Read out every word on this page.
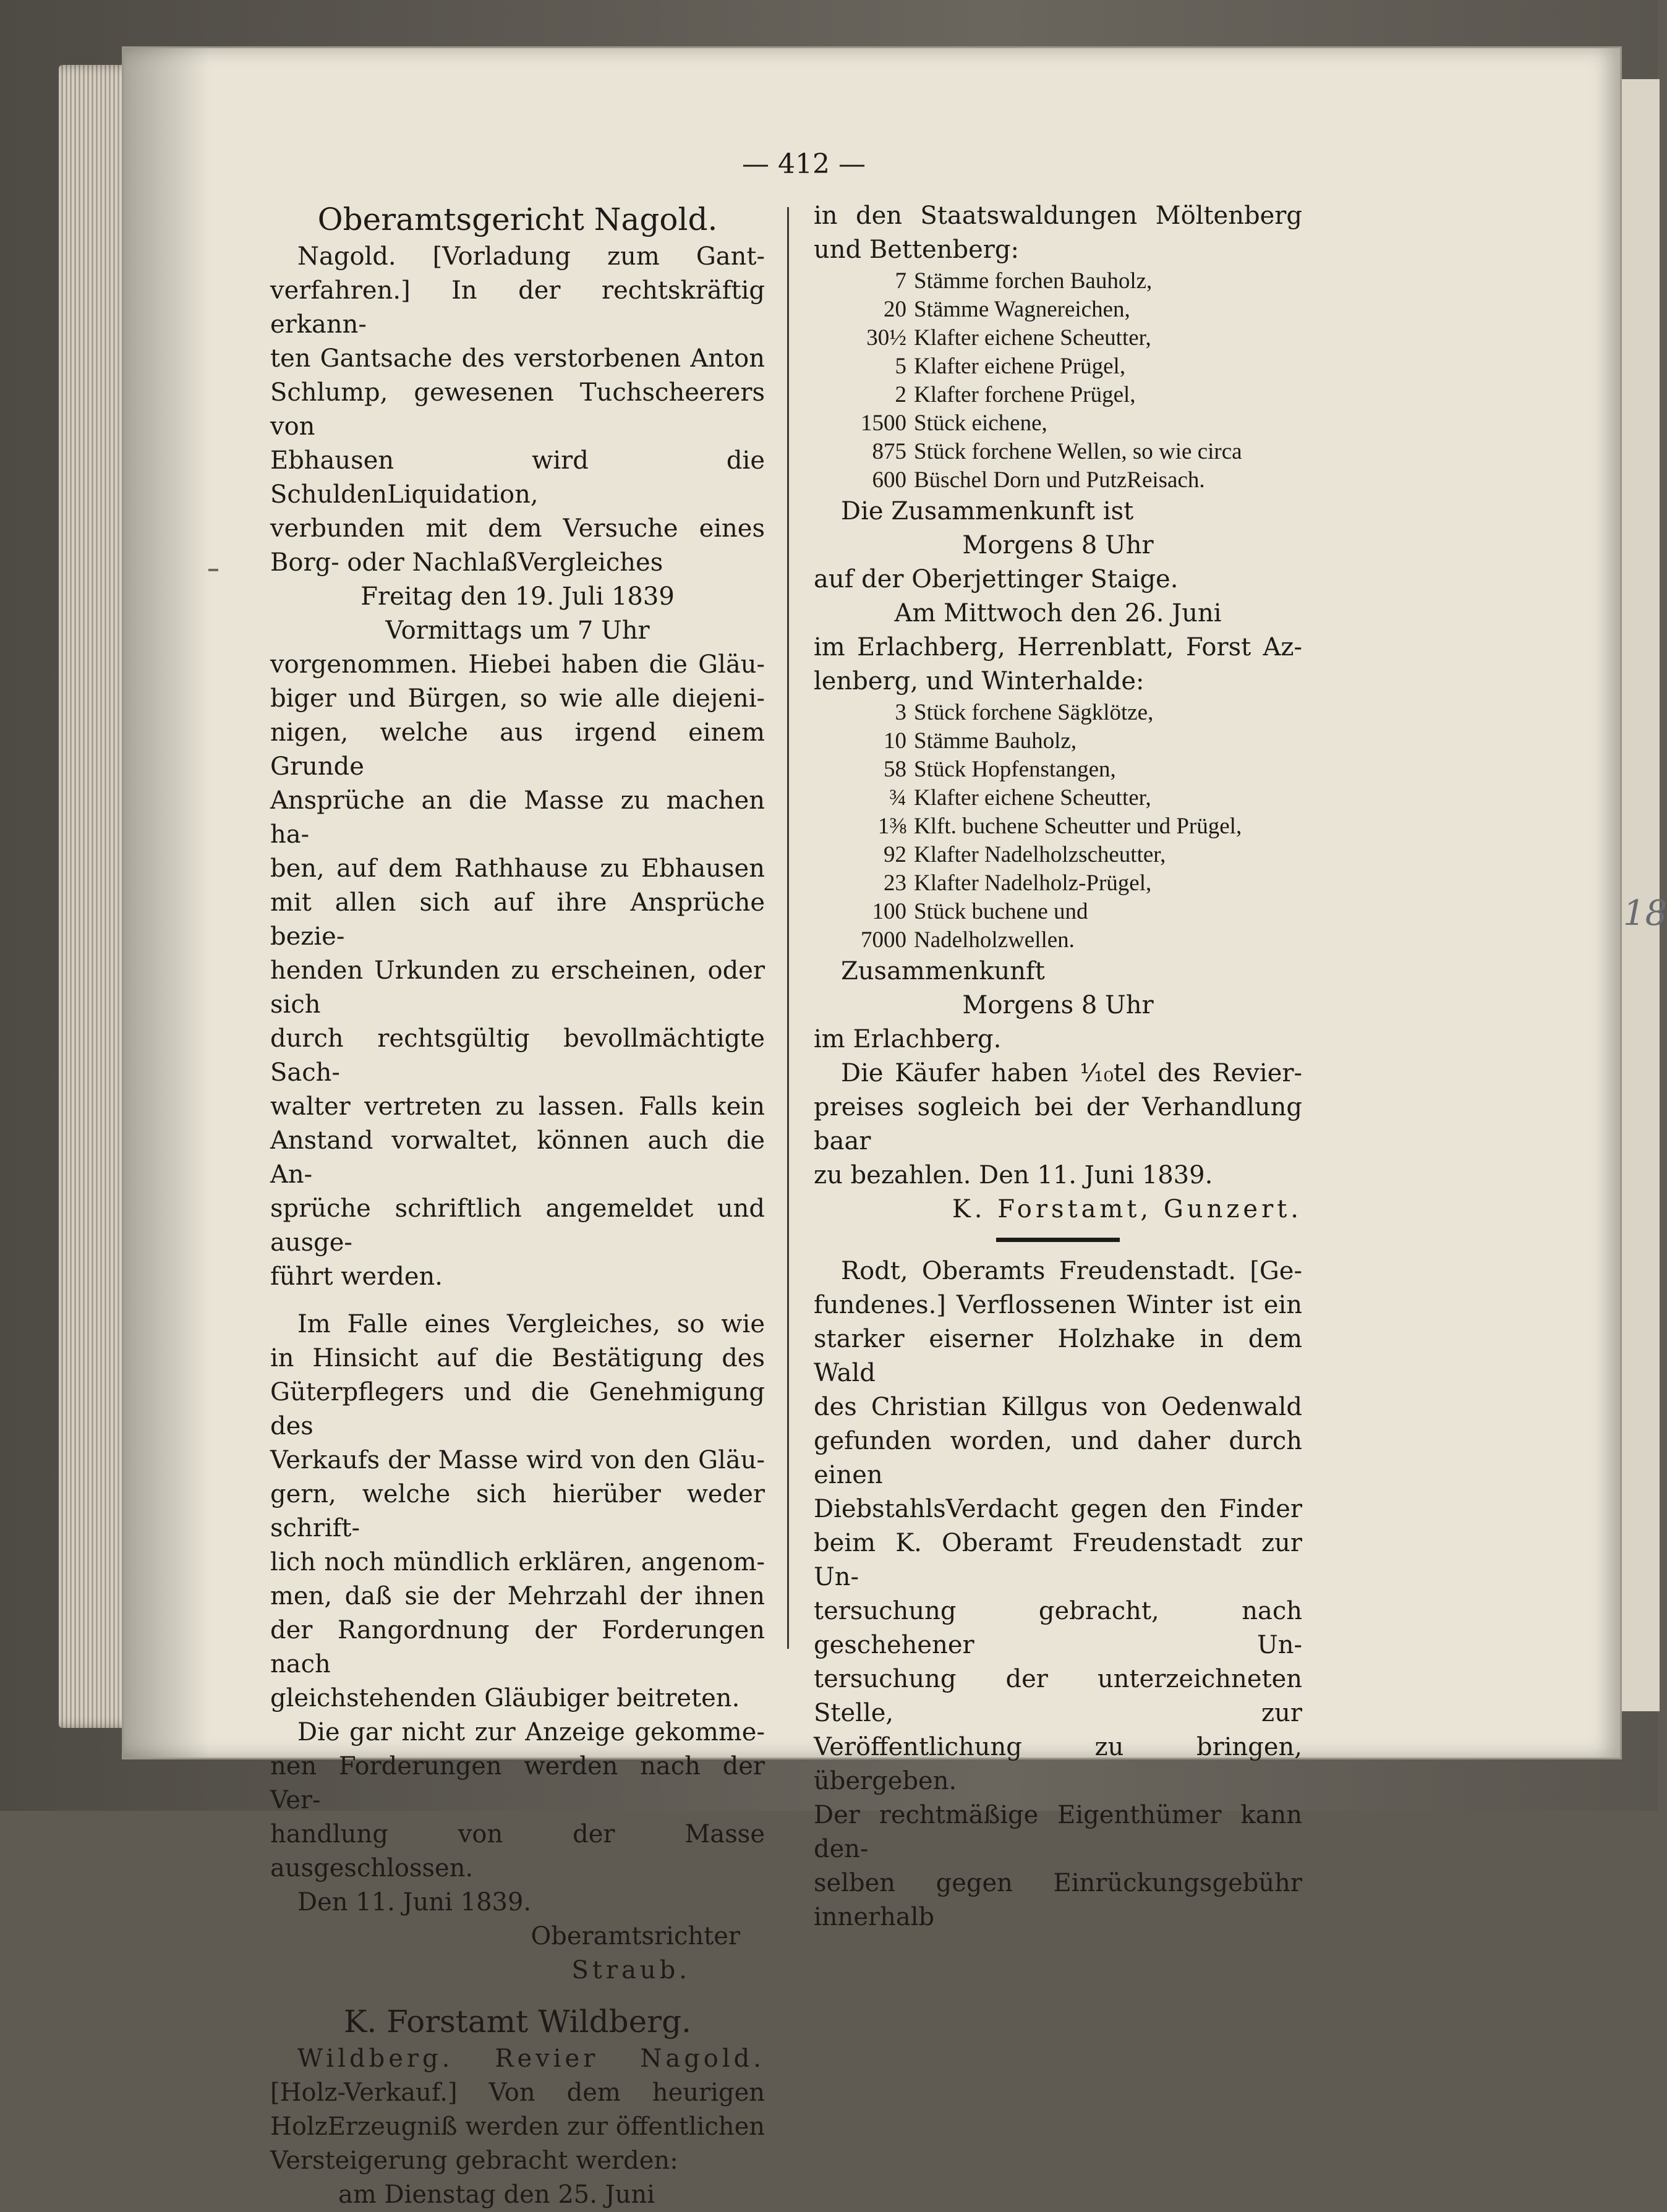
18
— 412 —

Oberamtsgericht Nagold.

Nagold. [Vorladung zum Gant-

verfahren.] In der rechtskräftig erkann-

ten Gantsache des verstorbenen Anton

Schlump, gewesenen Tuchscheerers von

Ebhausen wird die SchuldenLiquidation,

verbunden mit dem Versuche eines

Borg- oder NachlaßVergleiches

Freitag den 19. Juli 1839

Vormittags um 7 Uhr

vorgenommen. Hiebei haben die Gläu-

biger und Bürgen, so wie alle diejeni-

nigen, welche aus irgend einem Grunde

Ansprüche an die Masse zu machen ha-

ben, auf dem Rathhause zu Ebhausen

mit allen sich auf ihre Ansprüche bezie-

henden Urkunden zu erscheinen, oder sich

durch rechtsgültig bevollmächtigte Sach-

walter vertreten zu lassen. Falls kein

Anstand vorwaltet, können auch die An-

sprüche schriftlich angemeldet und ausge-

führt werden.

Im Falle eines Vergleiches, so wie

in Hinsicht auf die Bestätigung des

Güterpflegers und die Genehmigung des

Verkaufs der Masse wird von den Gläu-

gern, welche sich hierüber weder schrift-

lich noch mündlich erklären, angenom-

men, daß sie der Mehrzahl der ihnen

der Rangordnung der Forderungen nach

gleichstehenden Gläubiger beitreten.

Die gar nicht zur Anzeige gekomme-

nen Forderungen werden nach der Ver-

handlung von der Masse ausgeschlossen.

Den 11. Juni 1839.

Oberamtsrichter

Straub.

K. Forstamt Wildberg.

Wildberg. Revier Nagold.

[Holz-Verkauf.] Von dem heurigen

HolzErzeugniß werden zur öffentlichen

Versteigerung gebracht werden:

am Dienstag den 25. Juni

in den Staatswaldungen Möltenberg

und Bettenberg:

7 Stämme forchen Bauholz,
20 Stämme Wagnereichen,
30½ Klafter eichene Scheutter,
5 Klafter eichene Prügel,
2 Klafter forchene Prügel,
1500 Stück eichene,
875 Stück forchene Wellen, so wie circa
600 Büschel Dorn und PutzReisach.

Die Zusammenkunft ist

Morgens 8 Uhr

auf der Oberjettinger Staige.

Am Mittwoch den 26. Juni

im Erlachberg, Herrenblatt, Forst Az-

lenberg, und Winterhalde:

3 Stück forchene Sägklötze,
10 Stämme Bauholz,
58 Stück Hopfenstangen,
¾ Klafter eichene Scheutter,
1⅜ Klft. buchene Scheutter und Prügel,
92 Klafter Nadelholzscheutter,
23 Klafter Nadelholz-Prügel,
100 Stück buchene und
7000 Nadelholzwellen.

Zusammenkunft

Morgens 8 Uhr

im Erlachberg.

Die Käufer haben ¹⁄₁₀tel des Revier-

preises sogleich bei der Verhandlung baar

zu bezahlen. Den 11. Juni 1839.

K. Forstamt, Gunzert.

Rodt, Oberamts Freudenstadt. [Ge-

fundenes.] Verflossenen Winter ist ein

starker eiserner Holzhake in dem Wald

des Christian Killgus von Oedenwald

gefunden worden, und daher durch einen

DiebstahlsVerdacht gegen den Finder

beim K. Oberamt Freudenstadt zur Un-

tersuchung gebracht, nach geschehener Un-

tersuchung der unterzeichneten Stelle, zur

Veröffentlichung zu bringen, übergeben.

Der rechtmäßige Eigenthümer kann den-

selben gegen Einrückungsgebühr innerhalb
